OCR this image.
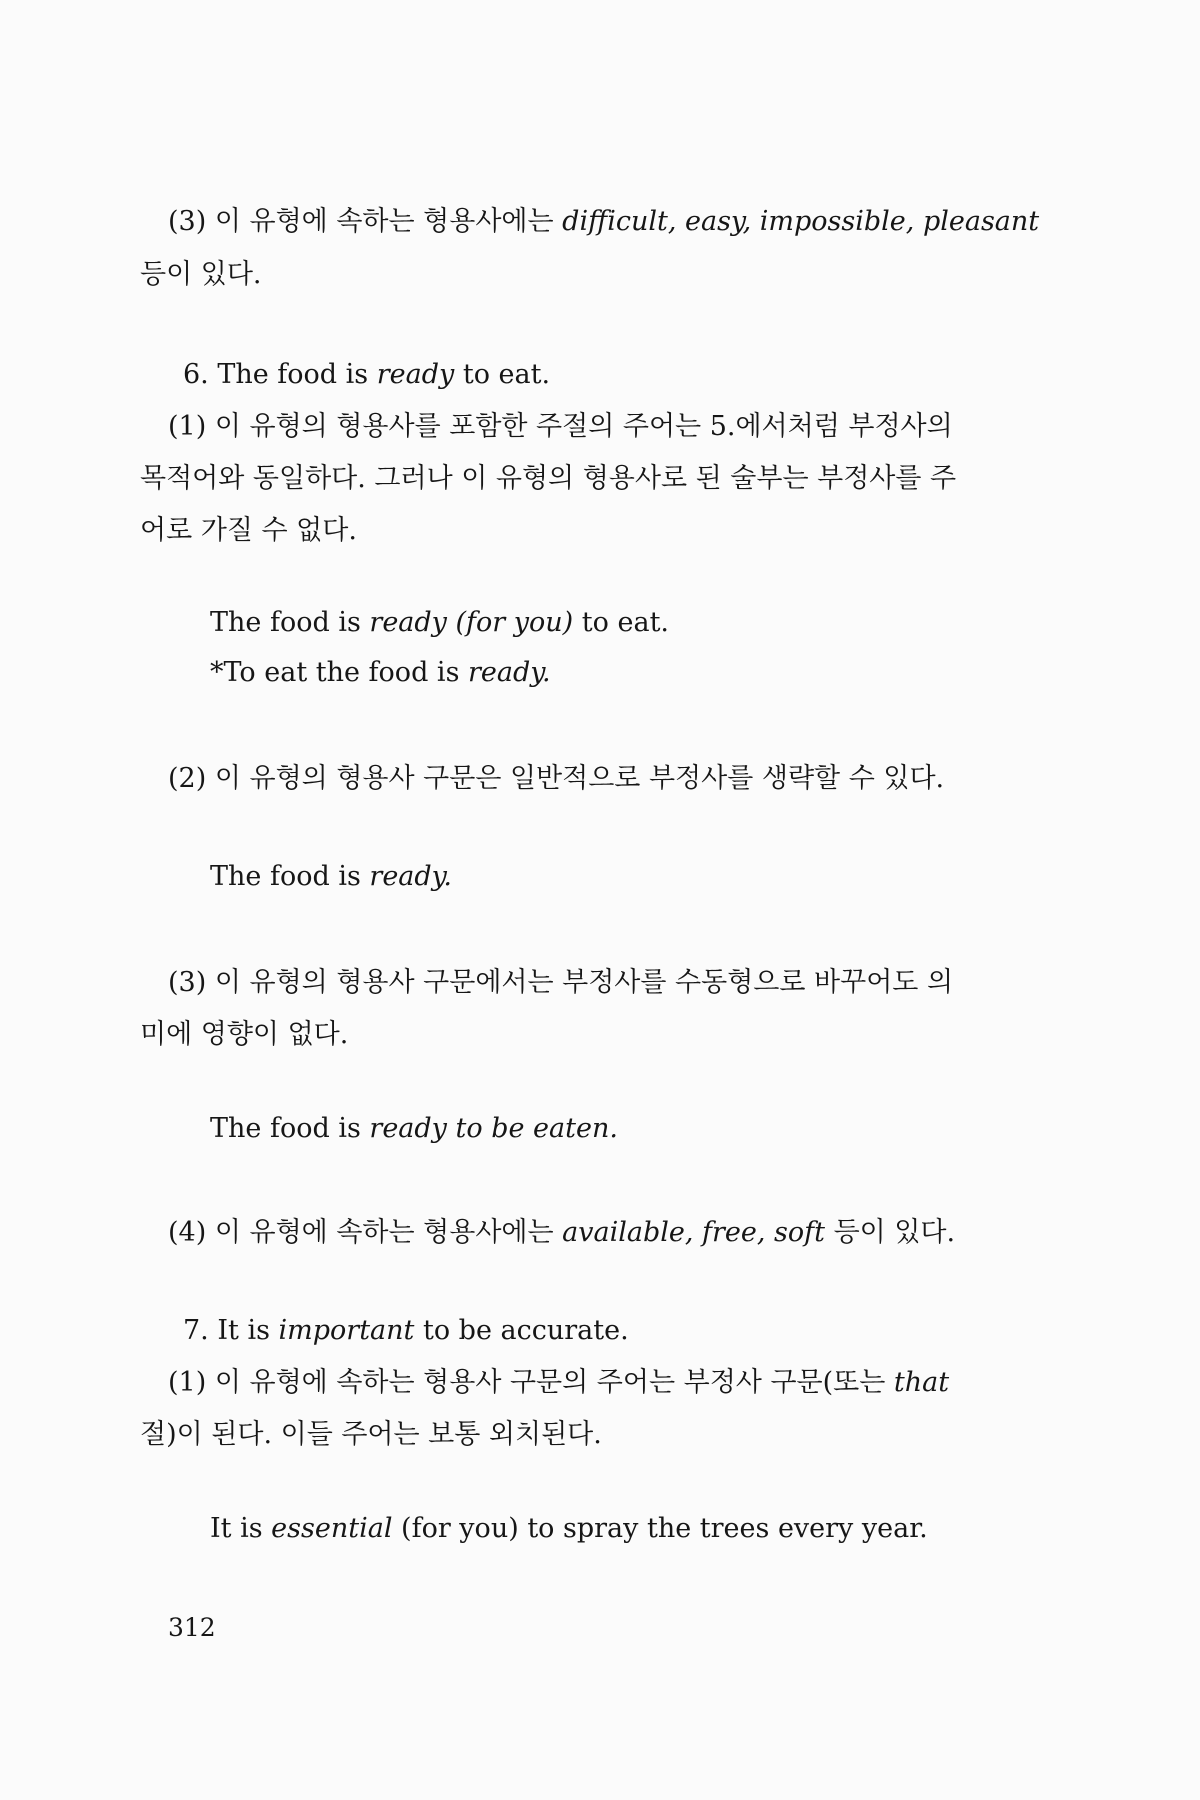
(3) 이 유형에 속하는 형용사에는 difficult, easy, impossible, pleasant
등이 있다.
6. The food is ready to eat.
(1) 이 유형의 형용사를 포함한 주절의 주어는 5.에서처럼 부정사의
목적어와 동일하다. 그러나 이 유형의 형용사로 된 술부는 부정사를 주
어로 가질 수 없다.
The food is ready (for you) to eat.
*To eat the food is ready.
(2) 이 유형의 형용사 구문은 일반적으로 부정사를 생략할 수 있다.
The food is ready.
(3) 이 유형의 형용사 구문에서는 부정사를 수동형으로 바꾸어도 의
미에 영향이 없다.
The food is ready to be eaten.
(4) 이 유형에 속하는 형용사에는 available, free, soft 등이 있다.
7. It is important to be accurate.
(1) 이 유형에 속하는 형용사 구문의 주어는 부정사 구문(또는 that
절)이 된다. 이들 주어는 보통 외치된다.
It is essential (for you) to spray the trees every year.
312
